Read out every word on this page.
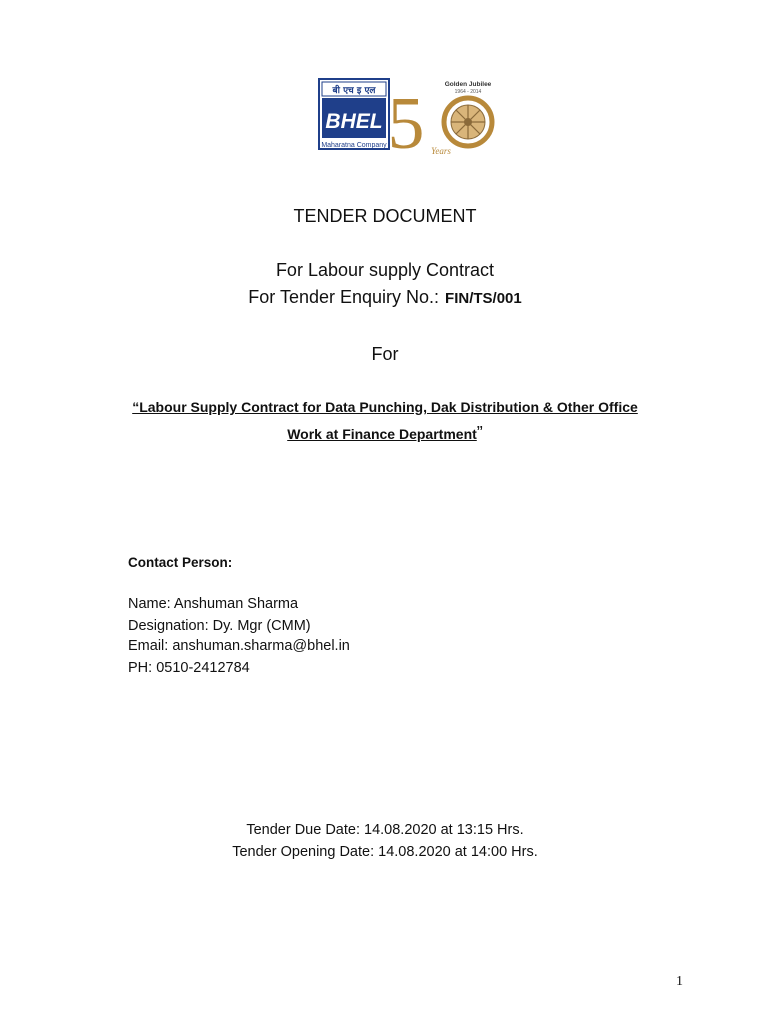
बी एच इ एल
BHEL
Maharatna Company 5	Golden Jubilee
1964 - 2014
Years
TENDER DOCUMENT
For Labour supply Contract
For Tender Enquiry No.: FIN/TS/001
For
“Labour Supply Contract for Data Punching, Dak Distribution & Other Office
Work at Finance Department”
Contact Person:
Name: Anshuman Sharma
Designation: Dy. Mgr (CMM)
Email: anshuman.sharma@bhel.in
PH: 0510-2412784
Tender Due Date: 14.08.2020 at 13:15 Hrs.
Tender Opening Date: 14.08.2020 at 14:00 Hrs.
1
